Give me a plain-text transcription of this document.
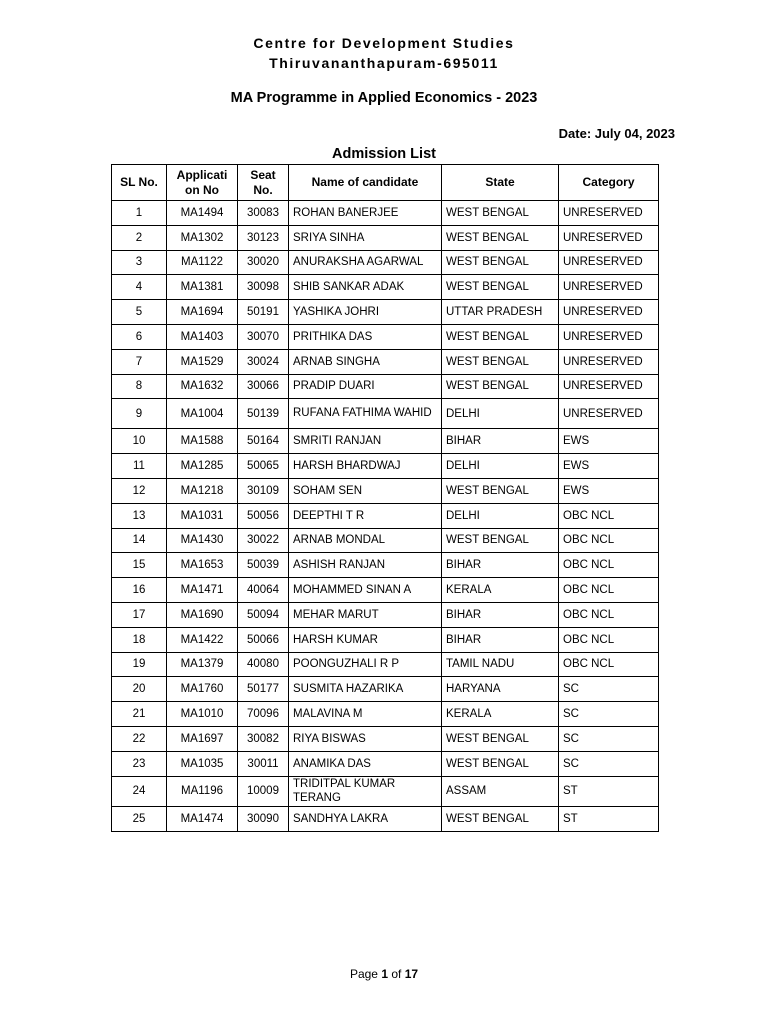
Centre for Development Studies
Thiruvananthapuram-695011
MA Programme in Applied Economics - 2023
Date: July 04, 2023
Admission List
SL No.	Applicati on No	Seat No.	Name of candidate	State	Category
1	MA1494	30083	ROHAN BANERJEE	WEST BENGAL	UNRESERVED
2	MA1302	30123	SRIYA SINHA	WEST BENGAL	UNRESERVED
3	MA1122	30020	ANURAKSHA AGARWAL	WEST BENGAL	UNRESERVED
4	MA1381	30098	SHIB SANKAR ADAK	WEST BENGAL	UNRESERVED
5	MA1694	50191	YASHIKA JOHRI	UTTAR PRADESH	UNRESERVED
6	MA1403	30070	PRITHIKA DAS	WEST BENGAL	UNRESERVED
7	MA1529	30024	ARNAB SINGHA	WEST BENGAL	UNRESERVED
8	MA1632	30066	PRADIP DUARI	WEST BENGAL	UNRESERVED
9	MA1004	50139	RUFANA FATHIMA WAHID	DELHI	UNRESERVED
10	MA1588	50164	SMRITI RANJAN	BIHAR	EWS
11	MA1285	50065	HARSH BHARDWAJ	DELHI	EWS
12	MA1218	30109	SOHAM SEN	WEST BENGAL	EWS
13	MA1031	50056	DEEPTHI T R	DELHI	OBC NCL
14	MA1430	30022	ARNAB MONDAL	WEST BENGAL	OBC NCL
15	MA1653	50039	ASHISH RANJAN	BIHAR	OBC NCL
16	MA1471	40064	MOHAMMED SINAN A	KERALA	OBC NCL
17	MA1690	50094	MEHAR MARUT	BIHAR	OBC NCL
18	MA1422	50066	HARSH KUMAR	BIHAR	OBC NCL
19	MA1379	40080	POONGUZHALI R P	TAMIL NADU	OBC NCL
20	MA1760	50177	SUSMITA HAZARIKA	HARYANA	SC
21	MA1010	70096	MALAVINA M	KERALA	SC
22	MA1697	30082	RIYA BISWAS	WEST BENGAL	SC
23	MA1035	30011	ANAMIKA DAS	WEST BENGAL	SC
24	MA1196	10009	TRIDITPAL KUMAR TERANG	ASSAM	ST
25	MA1474	30090	SANDHYA LAKRA	WEST BENGAL	ST
Page 1 of 17
